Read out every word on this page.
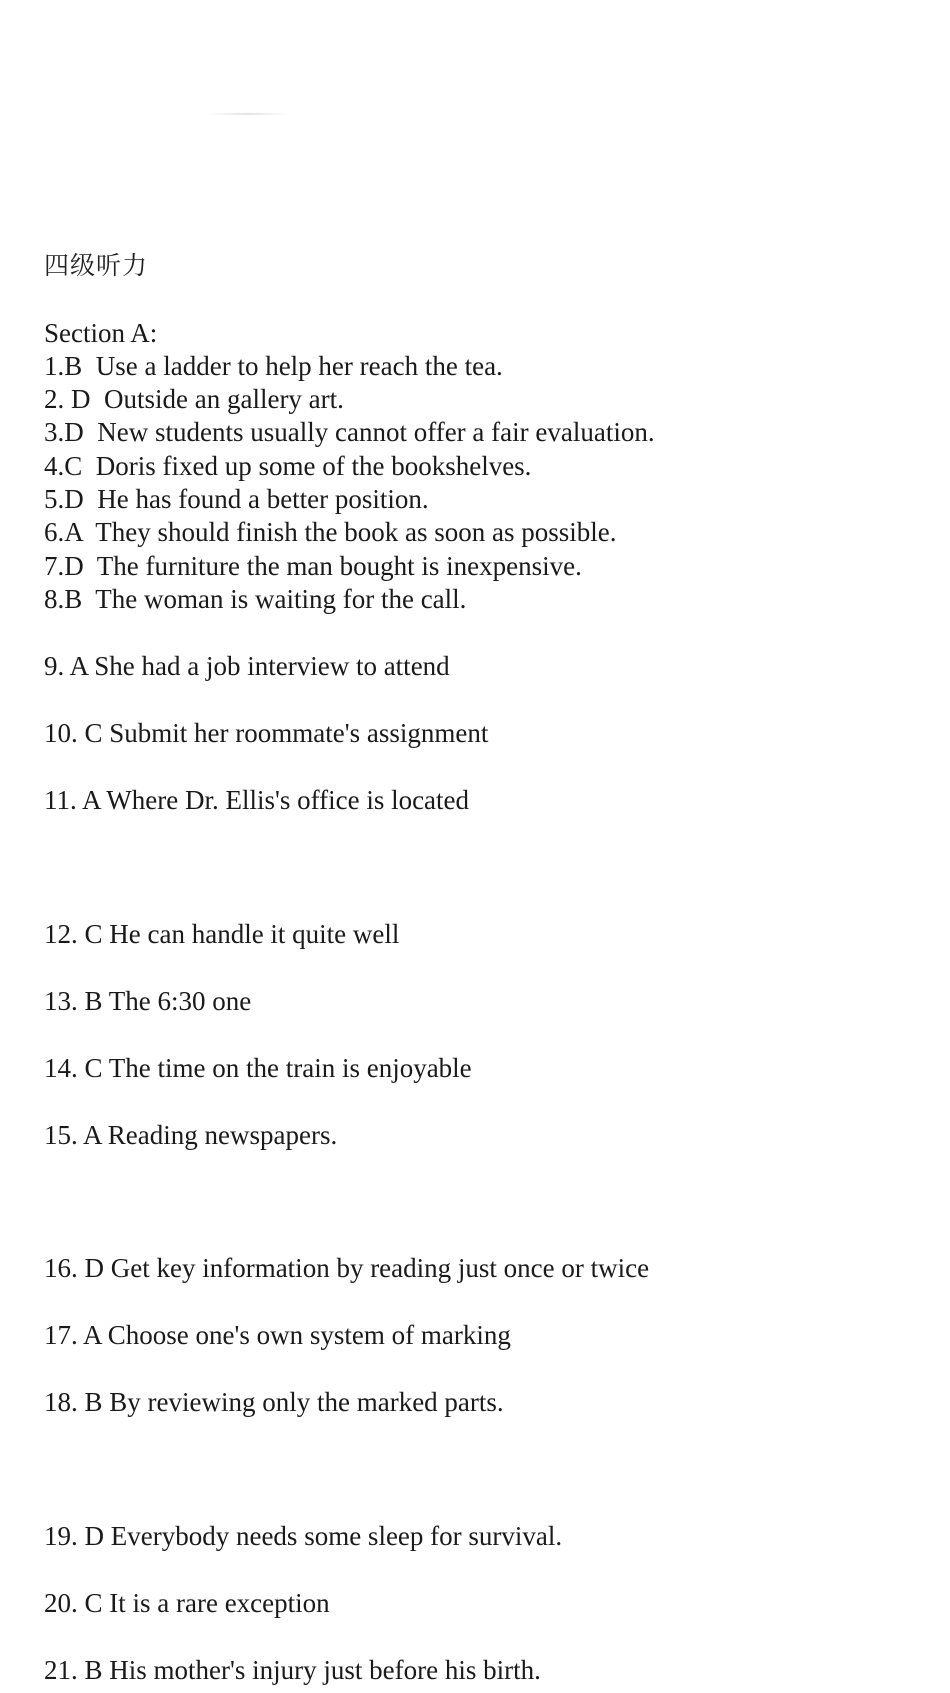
四级听力
Section A:
1.B  Use a ladder to help her reach the tea.
2. D  Outside an gallery art.
3.D  New students usually cannot offer a fair evaluation.
4.C  Doris fixed up some of the bookshelves.
5.D  He has found a better position.
6.A  They should finish the book as soon as possible.
7.D  The furniture the man bought is inexpensive.
8.B  The woman is waiting for the call.
9. A She had a job interview to attend
10. C Submit her roommate's assignment
11. A Where Dr. Ellis's office is located
12. C He can handle it quite well
13. B The 6:30 one
14. C The time on the train is enjoyable
15. A Reading newspapers.
16. D Get key information by reading just once or twice
17. A Choose one's own system of marking
18. B By reviewing only the marked parts.
19. D Everybody needs some sleep for survival.
20. C It is a rare exception
21. B His mother's injury just before his birth.
